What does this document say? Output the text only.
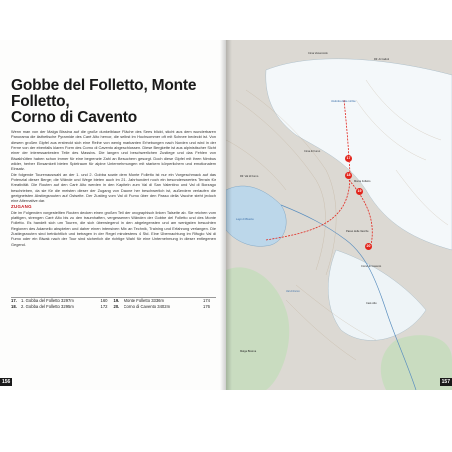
Gobbe del Folletto, Monte Folletto,
Corno di Cavento

Wenn man von der Malga Bissina auf die große dunkelblaue Fläche des Sees blickt, sticht aus dem wunderbaren Panorama die ästhetische Pyramide des Carè Alto hervor, die selbst im Hochsommer oft mit Schnee bedeckt ist. Von diesem großen Gipfel aus erstreckt sich eine Reihe von wenig markanten Erhebungen nach Norden und wird in der Ferne von der ebenfalls klaren Form des Corno di Cavento abgeschlossen. Diese Bergkette ist aus alpinistischer Sicht einer der interessantesten Teile des Massivs. Die langen und beschwerlichen Zustiege und das Fehlen von Biwakhütten haben schon immer für eine begrenzte Zahl an Besuchern gesorgt. Doch diese Gipfel mit ihren Nimbus wilder, herber Einsamkeit bieten Spielraum für alpine Unternehmungen mit starkem körperlichem und emotionalem Einsatz.

Die folgende Tourenauswahl an der 1. und 2. Gobba sowie dem Monte Folletto ist nur ein Vorgeschmack auf das Potenzial dieser Berge; die Wände und Wege bieten auch im 21. Jahrhundert noch ein besonderswertes Terrain für Kreativität. Die Routen auf den Carè Alto werden in den Kapiteln zum Val di San Valentino und Val di Borzago beschrieben, da sie für die meisten dieser der Zugang von Daone her beschwerlich ist, außerdem verlaufen die geeignetsten Abstiegsrouten auf Ostseite. Der Zustieg vom Val di Fumo über den Passo della Vacche steht jedoch eine Alternative dar.

ZUGANG

Die im Folgenden vorgestellten Routen decken einen großen Teil der orographisch linken Talseite ab. Sie reichen vom plattigen, strengen Carè Alto bis zu den traumhaften, vergessenen Wänden der Gobbe del Folletto und des Monte Folletto. Es handelt sich um Touren, die sich überwiegend in den abgelegensten und am wenigsten besuchten Regionen des Adamello abspielen und daher einen intensiven Mix an Technik, Training und Erfahrung verlangen. Die Zustiegsrouten sind beträchtlich und betragen in der Regel mindestens 4 Std. Eine Übernachtung im Rifugio Val di Fumo oder ein Biwak nach der Tour sind sicherlich die richtige Wahl für eine Unternehmung in dieser entlegenen Gegend.

17. 1. Gobba del Folletto 3297m	160 19. Monte Folletto 3336m	174
18. 2. Gobba del Folletto 3295m	172 20. Corno di Cavento 3402m	176
156
Cima Venerocolo
Rif. Ai Caduti
Vedretta della Lobbia
Cima di Fumo
Monte Folletto
Rif. Val di Fumo
Passo delle Vacche
Lago di Bissina
Corno di Cavento
Carè Alto
Val di Fumo
Malga Bissina
17
18
19
20
157
